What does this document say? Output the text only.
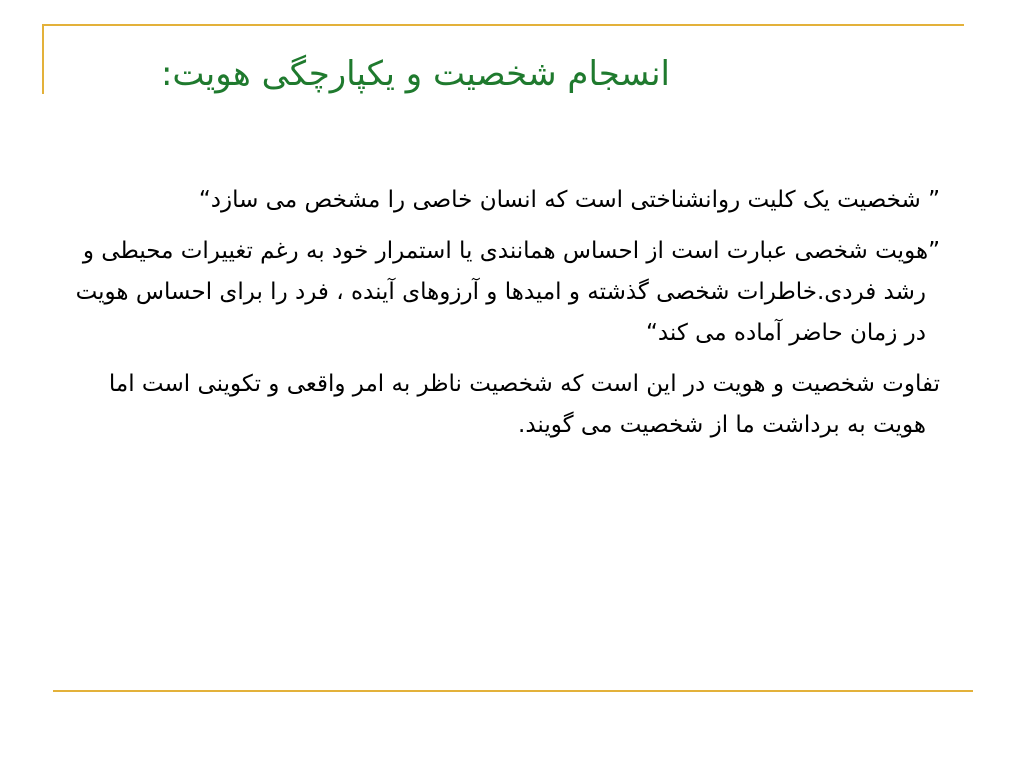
انسجام شخصیت و یکپارچگی هویت:

” شخصیت یک کلیت روانشناختی است که انسان خاصی را مشخص می سازد“

”هویت شخصی عبارت است از احساس همانندی یا استمرار خود به رغم تغییرات محیطی و رشد فردی.خاطرات شخصی گذشته و امیدها و آرزوهای آینده ، فرد را برای احساس هویت در زمان حاضر آماده می کند“

تفاوت شخصیت و هویت در این است که شخصیت ناظر به امر واقعی و تکوینی است اما هویت به برداشت ما از شخصیت می گویند.
